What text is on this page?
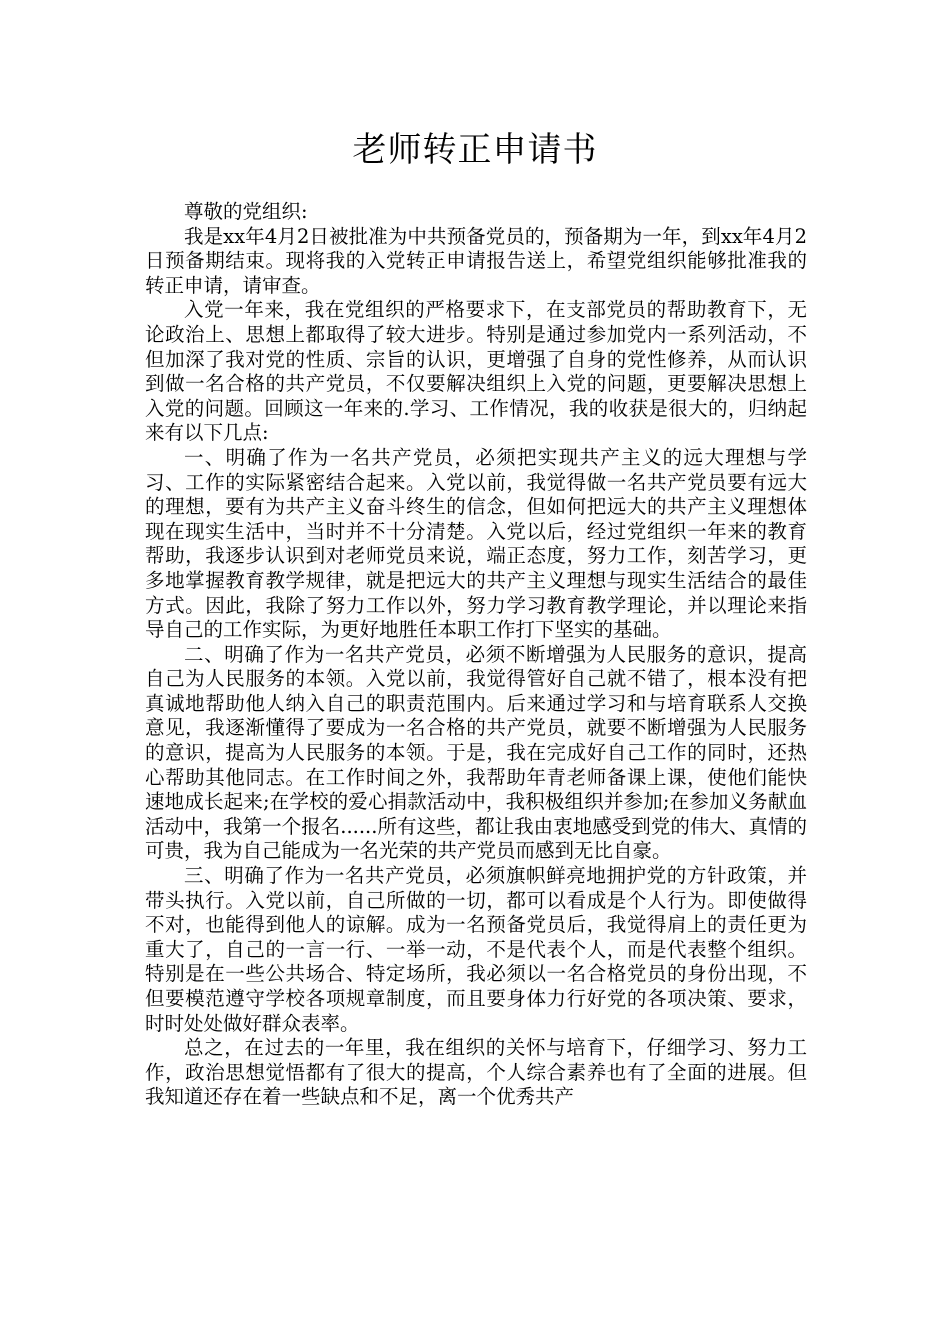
老师转正申请书

尊敬的党组织:

我是xx年4月2日被批准为中共预备党员的，预备期为一年，到xx年4月2日预备期结束。现将我的入党转正申请报告送上，希望党组织能够批准我的转正申请，请审查。

入党一年来，我在党组织的严格要求下，在支部党员的帮助教育下，无论政治上、思想上都取得了较大进步。特别是通过参加党内一系列活动，不但加深了我对党的性质、宗旨的认识，更增强了自身的党性修养，从而认识到做一名合格的共产党员，不仅要解决组织上入党的问题，更要解决思想上入党的问题。回顾这一年来的.学习、工作情况，我的收获是很大的，归纳起来有以下几点:

一、明确了作为一名共产党员，必须把实现共产主义的远大理想与学习、工作的实际紧密结合起来。入党以前，我觉得做一名共产党员要有远大的理想，要有为共产主义奋斗终生的信念，但如何把远大的共产主义理想体现在现实生活中，当时并不十分清楚。入党以后，经过党组织一年来的教育帮助，我逐步认识到对老师党员来说，端正态度，努力工作，刻苦学习，更多地掌握教育教学规律，就是把远大的共产主义理想与现实生活结合的最佳方式。因此，我除了努力工作以外，努力学习教育教学理论，并以理论来指导自己的工作实际，为更好地胜任本职工作打下坚实的基础。

二、明确了作为一名共产党员，必须不断增强为人民服务的意识，提高自己为人民服务的本领。入党以前，我觉得管好自己就不错了，根本没有把真诚地帮助他人纳入自己的职责范围内。后来通过学习和与培育联系人交换意见，我逐渐懂得了要成为一名合格的共产党员，就要不断增强为人民服务的意识，提高为人民服务的本领。于是，我在完成好自己工作的同时，还热心帮助其他同志。在工作时间之外，我帮助年青老师备课上课，使他们能快速地成长起来;在学校的爱心捐款活动中，我积极组织并参加;在参加义务献血活动中，我第一个报名......所有这些，都让我由衷地感受到党的伟大、真情的可贵，我为自己能成为一名光荣的共产党员而感到无比自豪。

三、明确了作为一名共产党员，必须旗帜鲜亮地拥护党的方针政策，并带头执行。入党以前，自己所做的一切，都可以看成是个人行为。即使做得不对，也能得到他人的谅解。成为一名预备党员后，我觉得肩上的责任更为重大了，自己的一言一行、一举一动，不是代表个人，而是代表整个组织。特别是在一些公共场合、特定场所，我必须以一名合格党员的身份出现，不但要模范遵守学校各项规章制度，而且要身体力行好党的各项决策、要求，时时处处做好群众表率。

总之，在过去的一年里，我在组织的关怀与培育下，仔细学习、努力工作，政治思想觉悟都有了很大的提高，个人综合素养也有了全面的进展。但我知道还存在着一些缺点和不足，离一个优秀共产
